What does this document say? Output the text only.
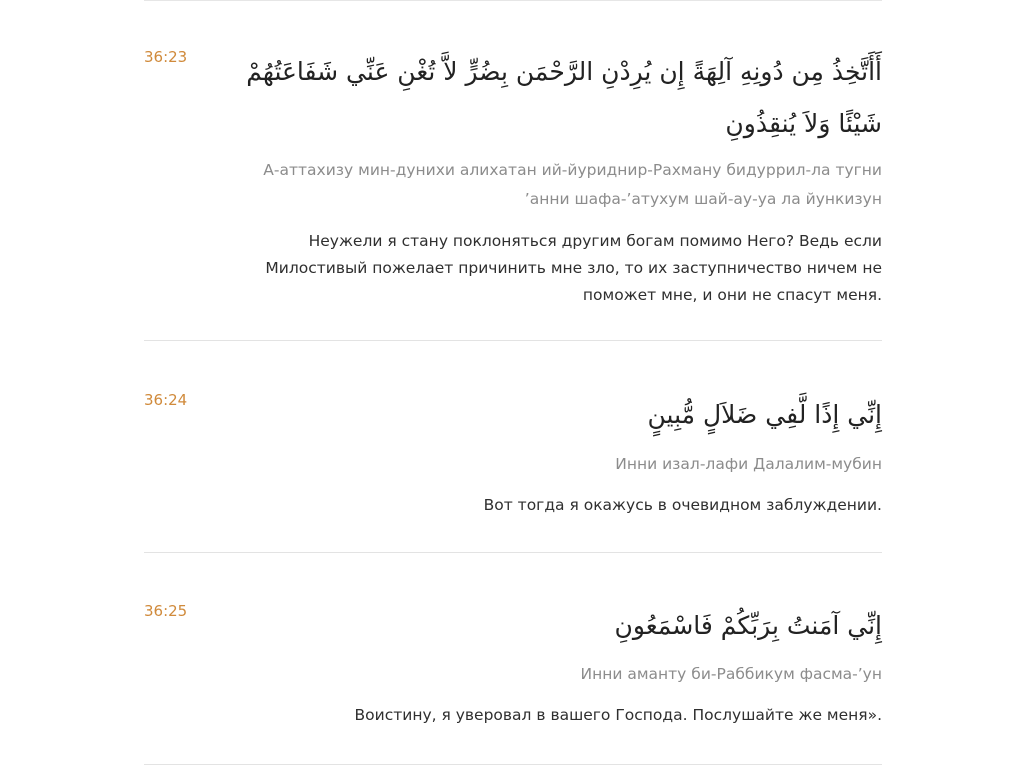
36:23 أَأَتَّخِذُ مِن دُونِهِ آلِهَةً إِن يُرِدْنِ الرَّحْمَن بِضُرٍّ لاَّ تُغْنِ عَنِّي شَفَاعَتُهُمْ
شَيْئًا وَلاَ يُنقِذُونِ
А-аттахизу мин-дунихи алихатан ий-йуриднир-Рахману бидуррил-ла тугни
ʼанни шафа-ʼатухум шай-ау-уа ла йункизун
Неужели я стану поклоняться другим богам помимо Него? Ведь если
Милостивый пожелает причинить мне зло, то их заступничество ничем не
поможет мне, и они не спасут меня.
36:24	إِنِّي إِذًا لَّفِي ضَلاَلٍ مُّبِينٍ
Инни изал-лафи Далалим-мубин
Вот тогда я окажусь в очевидном заблуждении.
36:25	إِنِّي آمَنتُ بِرَبِّكُمْ فَاسْمَعُونِ
Инни аманту би-Раббикум фасма-ʼун
Воистину, я уверовал в вашего Господа. Послушайте же меня».
